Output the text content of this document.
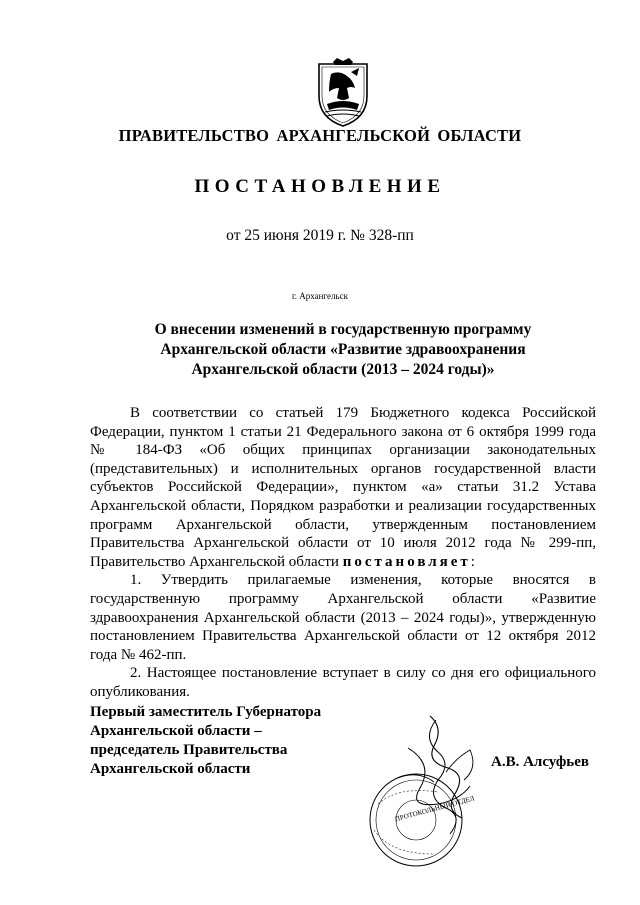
ПРАВИТЕЛЬСТВО АРХАНГЕЛЬСКОЙ ОБЛАСТИ
ПОСТАНОВЛЕНИЕ
от 25 июня 2019 г. № 328-пп
г. Архангельск
О внесении изменений в государственную программу
Архангельской области «Развитие здравоохранения
Архангельской области (2013 – 2024 годы)»

В соответствии со статьей 179 Бюджетного кодекса Российской Федерации, пунктом 1 статьи 21 Федерального закона от 6 октября 1999 года № 184-ФЗ «Об общих принципах организации законодательных (представительных) и исполнительных органов государственной власти субъектов Российской Федерации», пунктом «а» статьи 31.2 Устава Архангельской области, Порядком разработки и реализации государственных программ Архангельской области, утвержденным постановлением Правительства Архангельской области от 10 июля 2012 года № 299-пп, Правительство Архангельской области постановляет:

1. Утвердить прилагаемые изменения, которые вносятся в государственную программу Архангельской области «Развитие здравоохранения Архангельской области (2013 – 2024 годы)», утвержденную постановлением Правительства Архангельской области от 12 октября 2012 года № 462-пп.

2. Настоящее постановление вступает в силу со дня его официального опубликования.

Первый заместитель Губернатора
Архангельской области –
председатель Правительства
Архангельской области	А.В. Алсуфьев
ПРОТОКОЛЬНЫЙ ОТДЕЛ
